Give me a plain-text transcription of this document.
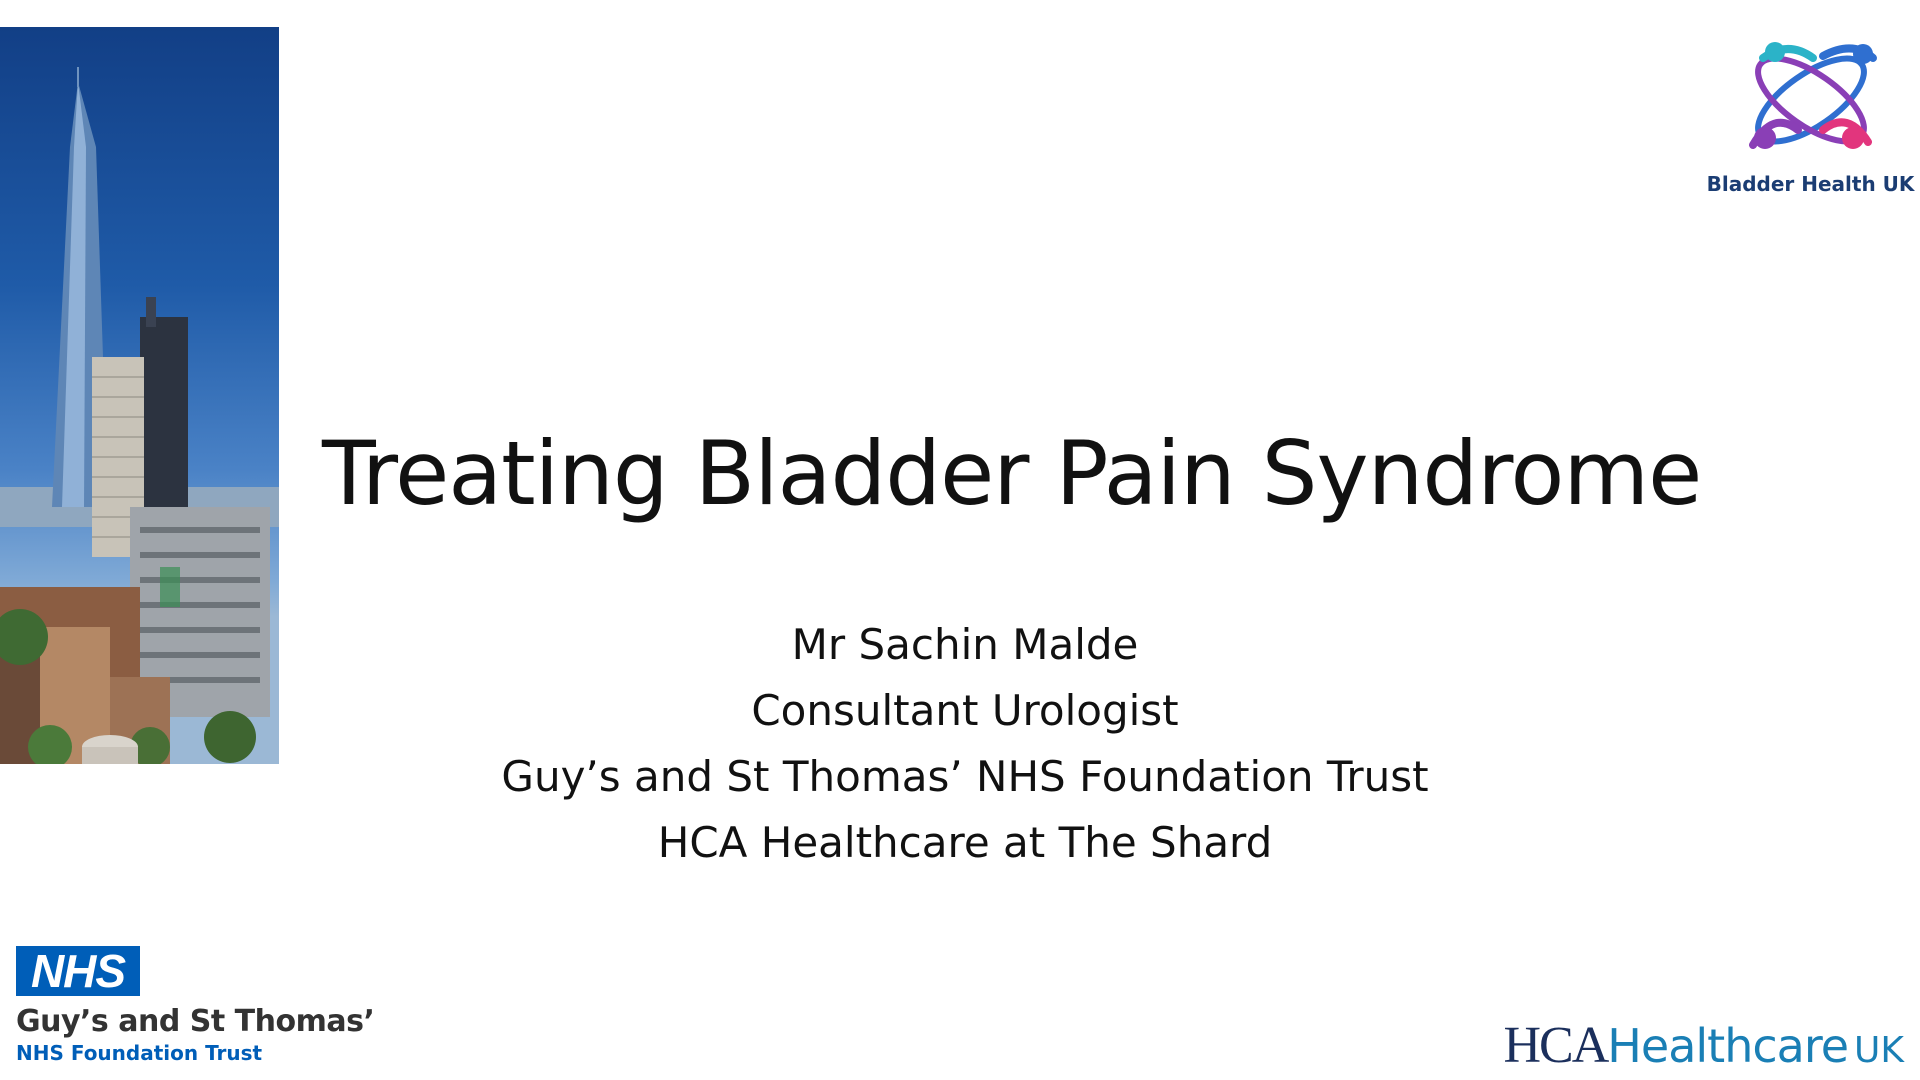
Bladder Health UK
Treating Bladder Pain Syndrome
Mr Sachin Malde
Consultant Urologist
Guy’s and St Thomas’ NHS Foundation Trust
HCA Healthcare at The Shard
NHS
Guy’s and St Thomas’
NHS Foundation Trust	HCAHealthcare UK
